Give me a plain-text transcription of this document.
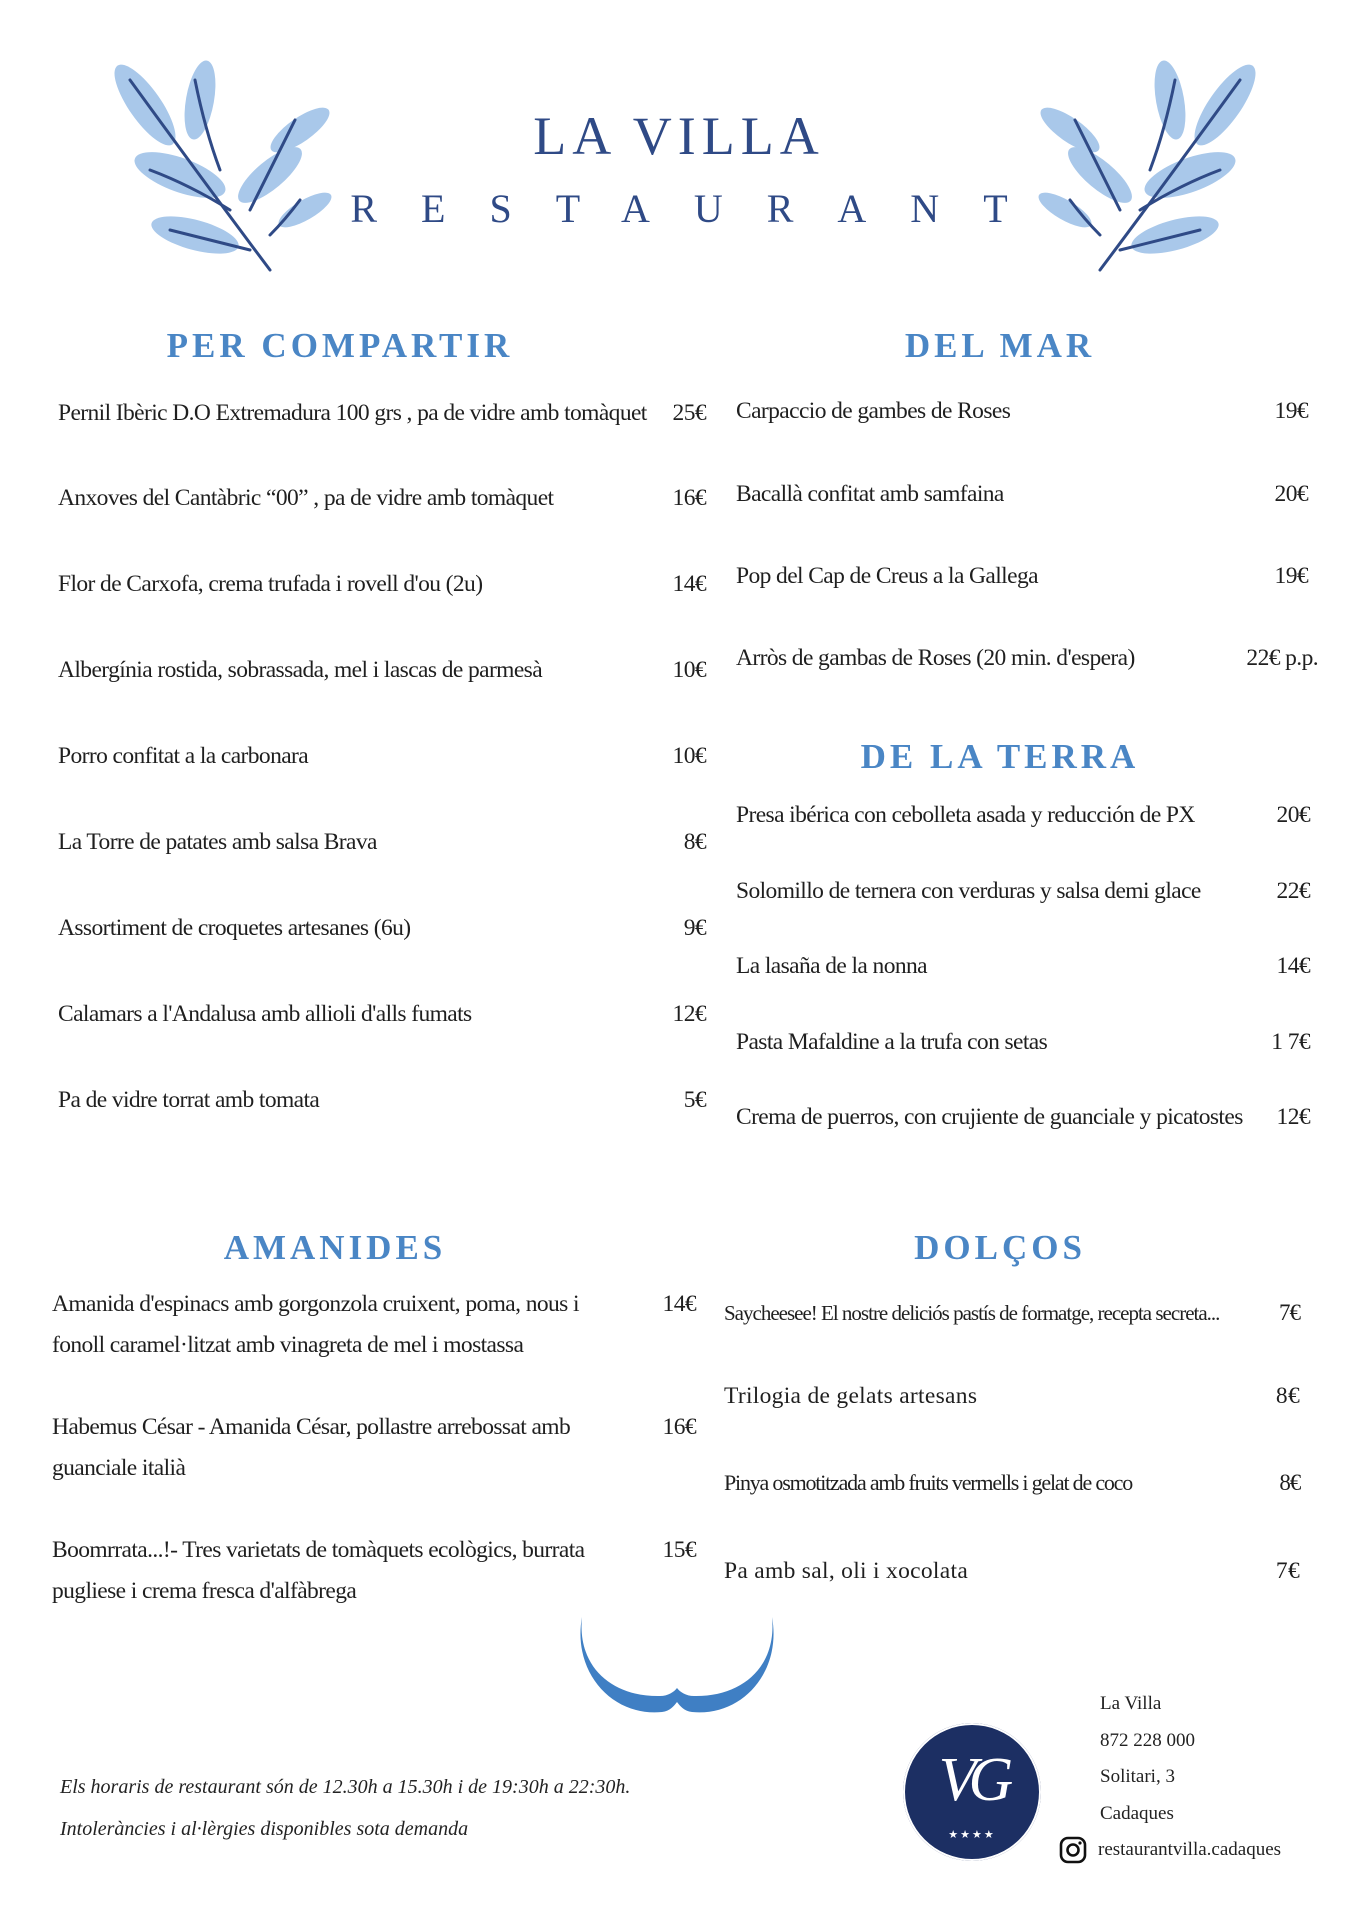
LA VILLA
RESTAURANT
PER COMPARTIR
Pernil Ibèric D.O Extremadura 100 grs , pa de vidre amb tomàquet 25€
Anxoves del Cantàbric “00” , pa de vidre amb tomàquet	16€
Flor de Carxofa, crema trufada i rovell d'ou (2u)	14€
Albergínia rostida, sobrassada, mel i lascas de parmesà	10€
Porro confitat a la carbonara	10€
La Torre de patates amb salsa Brava	8€
Assortiment de croquetes artesanes (6u)	9€
Calamars a l'Andalusa amb allioli d'alls fumats	12€
Pa de vidre torrat amb tomata	5€
DEL MAR
Carpaccio de gambes de Roses	19€
Bacallà confitat amb samfaina	20€
Pop del Cap de Creus a la Gallega	19€
Arròs de gambas de Roses (20 min. d'espera)	22€ p.p.
DE LA TERRA
Presa ibérica con cebolleta asada y reducción de PX	20€
Solomillo de ternera con verduras y salsa demi glace	22€
La lasaña de la nonna	14€
Pasta Mafaldine a la trufa con setas	1 7€
Crema de puerros, con crujiente de guanciale y picatostes 12€
AMANIDES
Amanida d'espinacs amb gorgonzola cruixent, poma, nous i fonoll caramel·litzat amb vinagreta de mel i mostassa
14€
Habemus César - Amanida César, pollastre arrebossat amb guanciale italià
16€
Boomrrata...!- Tres varietats de tomàquets ecològics, burrata pugliese i crema fresca d'alfàbrega
15€
DOLÇOS
Saycheesee! El nostre deliciós pastís de formatge, recepta secreta...	7€
Trilogia de gelats artesans	8€
Pinya osmotitzada amb fruits vermells i gelat de coco	8€
Pa amb sal, oli i xocolata	7€
Els horaris de restaurant són de 12.30h a 15.30h i de 19:30h a 22:30h.
Intoleràncies i al·lèrgies disponibles sota demanda
VG
★★★★
La Villa
872 228 000
Solitari, 3
Cadaques
restaurantvilla.cadaques
